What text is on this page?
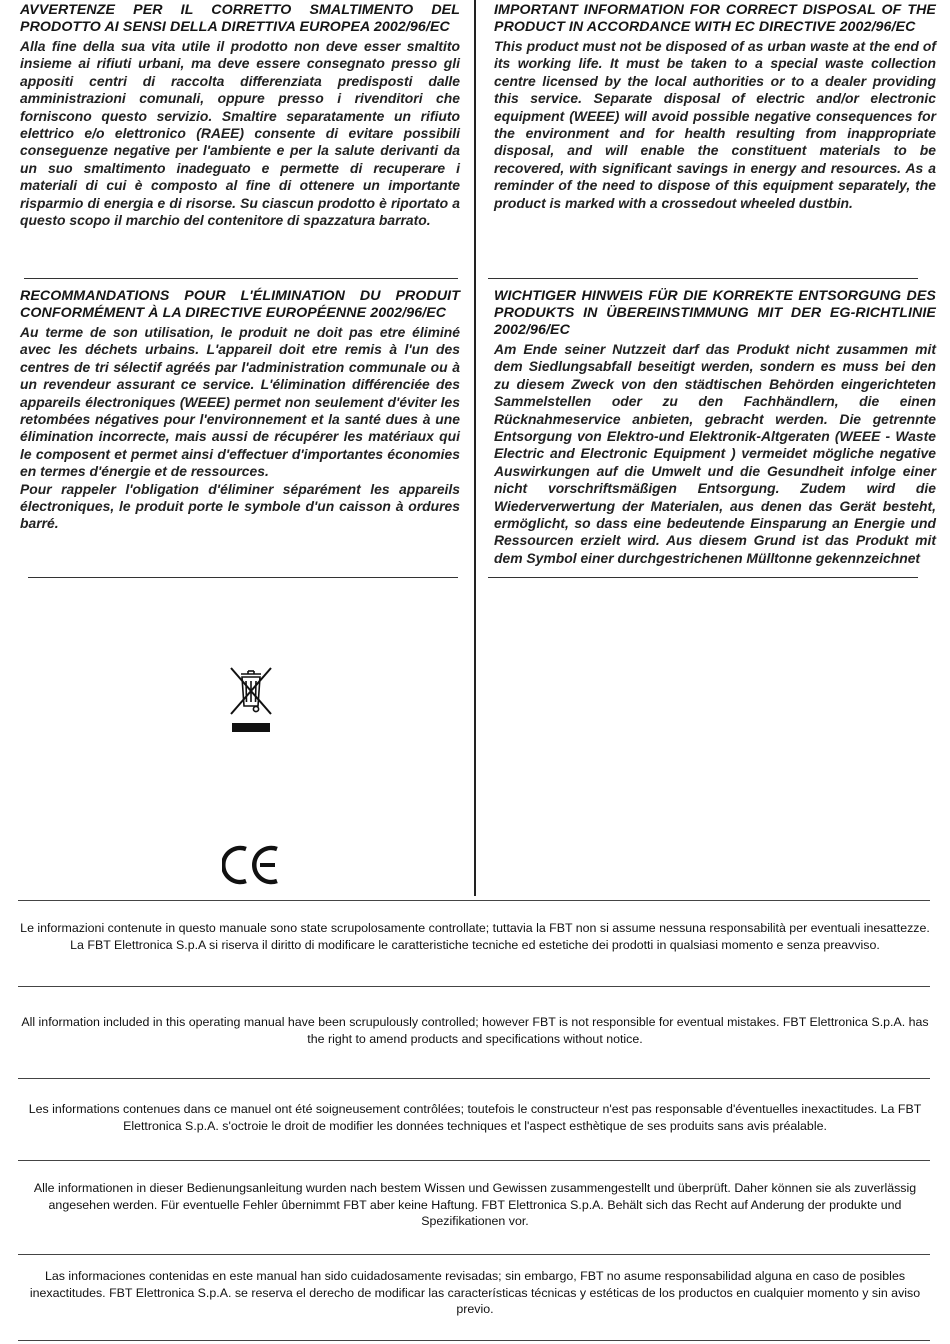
AVVERTENZE PER IL CORRETTO SMALTIMENTO DEL PRODOTTO AI SENSI DELLA DIRETTIVA EUROPEA 2002/96/EC

Alla fine della sua vita utile il prodotto non deve esser smaltito insieme ai rifiuti urbani, ma deve essere consegnato presso gli appositi centri di raccolta differenziata predisposti dalle amministrazioni comunali, oppure presso i rivenditori che forniscono questo servizio. Smaltire separatamente un rifiuto elettrico e/o elettronico (RAEE) consente di evitare possibili conseguenze negative per l'ambiente e per la salute derivanti da un suo smaltimento inadeguato e permette di recuperare i materiali di cui è composto al fine di ottenere un importante risparmio di energia e di risorse. Su ciascun prodotto è riportato a questo scopo il marchio del contenitore di spazzatura barrato.

IMPORTANT INFORMATION FOR CORRECT DISPOSAL OF THE PRODUCT IN ACCORDANCE WITH EC DIRECTIVE 2002/96/EC

This product must not be disposed of as urban waste at the end of its working life. It must be taken to a special waste collection centre licensed by the local authorities or to a dealer providing this service. Separate disposal of electric and/or electronic equipment (WEEE) will avoid possible negative consequences for the environment and for health resulting from inappropriate disposal, and will enable the constituent materials to be recovered, with significant savings in energy and resources. As a reminder of the need to dispose of this equipment separately, the product is marked with a crossedout wheeled dustbin.

RECOMMANDATIONS POUR L'ÉLIMINATION DU PRODUIT CONFORMÉMENT À LA DIRECTIVE EUROPÉENNE 2002/96/EC

Au terme de son utilisation, le produit ne doit pas etre éliminé avec les déchets urbains. L'appareil doit etre remis à l'un des centres de tri sélectif agréés par l'administration communale ou à un revendeur assurant ce service. L'élimination différenciée des appareils électroniques (WEEE) permet non seulement d'éviter les retombées négatives pour l'environnement et la santé dues à une élimination incorrecte, mais aussi de récupérer les matériaux qui le composent et permet ainsi d'effectuer d'importantes économies en termes d'énergie et de ressources.

Pour rappeler l'obligation d'éliminer séparément les appareils électroniques, le produit porte le symbole d'un caisson à ordures barré.

WICHTIGER HINWEIS FÜR DIE KORREKTE ENTSORGUNG DES PRODUKTS IN ÜBEREINSTIMMUNG MIT DER EG-RICHTLINIE 2002/96/EC

Am Ende seiner Nutzzeit darf das Produkt nicht zusammen mit dem Siedlungsabfall beseitigt werden, sondern es muss bei den zu diesem Zweck von den städtischen Behörden eingerichteten Sammelstellen oder zu den Fachhändlern, die einen Rücknahmeservice anbieten, gebracht werden. Die getrennte Entsorgung von Elektro-und Elektronik-Altgeraten (WEEE - Waste Electric and Electronic Equipment ) vermeidet mögliche negative Auswirkungen auf die Umwelt und die Gesundheit infolge einer nicht vorschriftsmäßigen Entsorgung. Zudem wird die Wiederverwertung der Materialen, aus denen das Gerät besteht, ermöglicht, so dass eine bedeutende Einsparung an Energie und Ressourcen erzielt wird. Aus diesem Grund ist das Produkt mit dem Symbol einer durchgestrichenen Mülltonne gekennzeichnet

Le informazioni contenute in questo manuale sono state scrupolosamente controllate; tuttavia la FBT non si assume nessuna responsabilità per eventuali inesattezze. La FBT Elettronica S.p.A si riserva il diritto di modificare le caratteristiche tecniche ed estetiche dei prodotti in qualsiasi momento e senza preavviso.

All information included in this operating manual have been scrupulously controlled; however FBT is not responsible for eventual mistakes. FBT Elettronica S.p.A. has the right to amend products and specifications without notice.

Les informations contenues dans ce manuel ont été soigneusement contrôlées; toutefois le constructeur n'est pas responsable d'éventuelles inexactitudes. La FBT Elettronica S.p.A. s'octroie le droit de modifier les données techniques et l'aspect esthètique de ses produits sans avis préalable.

Alle informationen in dieser Bedienungsanleitung wurden nach bestem Wissen und Gewissen zusammengestellt und überprüft. Daher können sie als zuverlässig angesehen werden. Für eventuelle Fehler ûbernimmt FBT aber keine Haftung. FBT Elettronica S.p.A. Behält sich das Recht auf Anderung der produkte und Spezifikationen vor.

Las informaciones contenidas en este manual han sido cuidadosamente revisadas; sin embargo, FBT no asume responsabilidad alguna en caso de posibles inexactitudes. FBT Elettronica S.p.A. se reserva el derecho de modificar las características técnicas y estéticas de los productos en cualquier momento y sin aviso previo.
